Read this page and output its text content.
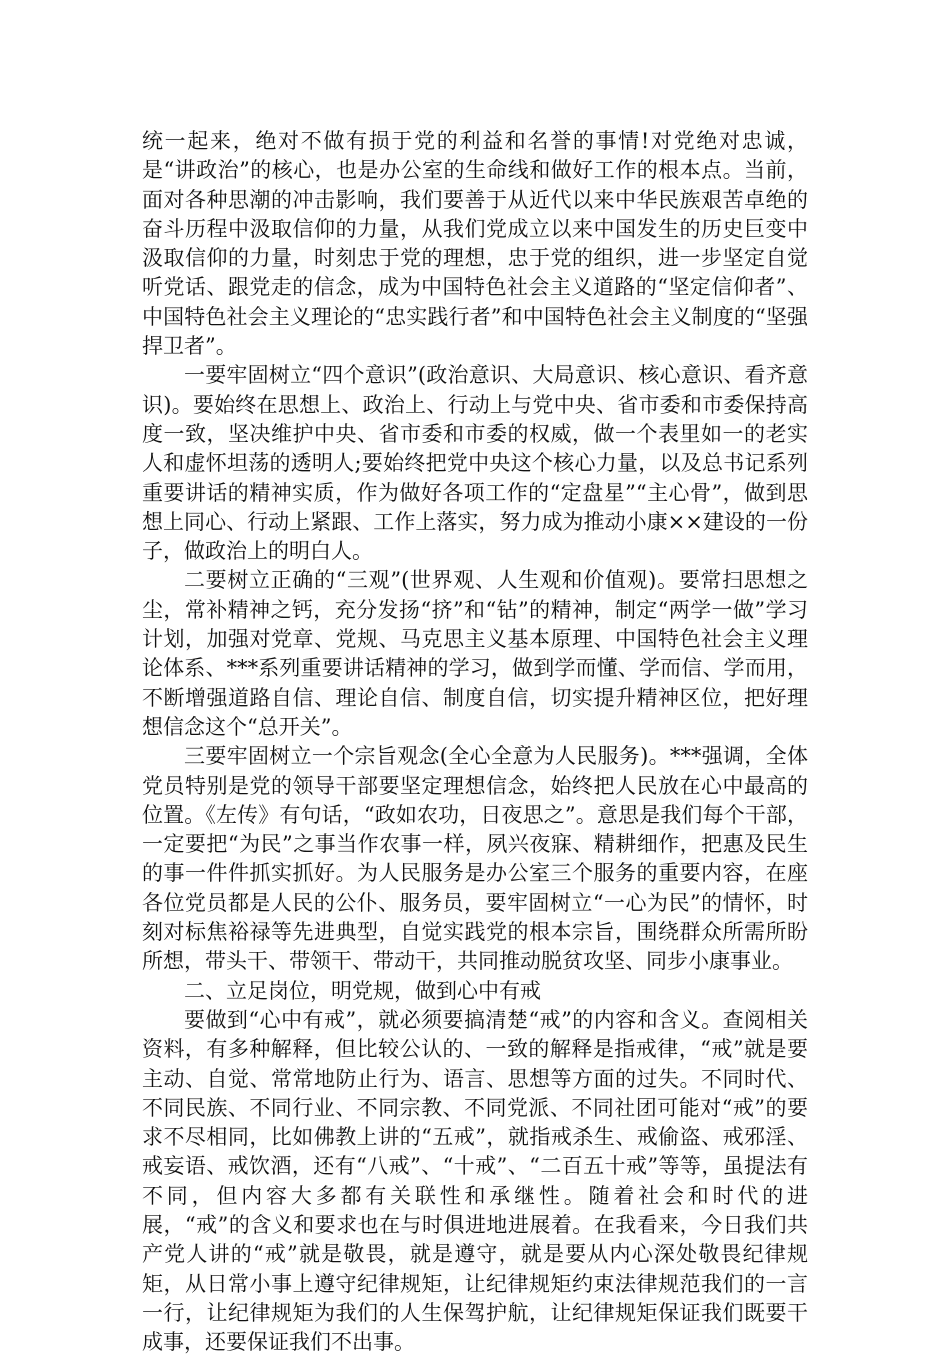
统一起来，绝对不做有损于党的利益和名誉的事情!对党绝对忠诚，是“讲政治”的核心，也是办公室的生命线和做好工作的根本点。当前，面对各种思潮的冲击影响，我们要善于从近代以来中华民族艰苦卓绝的奋斗历程中汲取信仰的力量，从我们党成立以来中国发生的历史巨变中汲取信仰的力量，时刻忠于党的理想，忠于党的组织，进一步坚定自觉听党话、跟党走的信念，成为中国特色社会主义道路的“坚定信仰者”、中国特色社会主义理论的“忠实践行者”和中国特色社会主义制度的“坚强捍卫者”。

一要牢固树立“四个意识”(政治意识、大局意识、核心意识、看齐意识)。要始终在思想上、政治上、行动上与党中央、省市委和市委保持高度一致，坚决维护中央、省市委和市委的权威，做一个表里如一的老实人和虚怀坦荡的透明人;要始终把党中央这个核心力量，以及总书记系列重要讲话的精神实质，作为做好各项工作的“定盘星”“主心骨”，做到思想上同心、行动上紧跟、工作上落实，努力成为推动小康××建设的一份子，做政治上的明白人。

二要树立正确的“三观”(世界观、人生观和价值观)。要常扫思想之尘，常补精神之钙，充分发扬“挤”和“钻”的精神，制定“两学一做”学习计划，加强对党章、党规、马克思主义基本原理、中国特色社会主义理论体系、***系列重要讲话精神的学习，做到学而懂、学而信、学而用，不断增强道路自信、理论自信、制度自信，切实提升精神区位，把好理想信念这个“总开关”。

三要牢固树立一个宗旨观念(全心全意为人民服务)。***强调，全体党员特别是党的领导干部要坚定理想信念，始终把人民放在心中最高的位置。《左传》有句话，“政如农功，日夜思之”。意思是我们每个干部，一定要把“为民”之事当作农事一样，夙兴夜寐、精耕细作，把惠及民生的事一件件抓实抓好。为人民服务是办公室三个服务的重要内容，在座各位党员都是人民的公仆、服务员，要牢固树立“一心为民”的情怀，时刻对标焦裕禄等先进典型，自觉实践党的根本宗旨，围绕群众所需所盼所想，带头干、带领干、带动干，共同推动脱贫攻坚、同步小康事业。

二、立足岗位，明党规，做到心中有戒

要做到“心中有戒”，就必须要搞清楚“戒”的内容和含义。查阅相关资料，有多种解释，但比较公认的、一致的解释是指戒律，“戒”就是要主动、自觉、常常地防止行为、语言、思想等方面的过失。不同时代、不同民族、不同行业、不同宗教、不同党派、不同社团可能对“戒”的要求不尽相同，比如佛教上讲的“五戒”，就指戒杀生、戒偷盗、戒邪淫、戒妄语、戒饮酒，还有“八戒”、“十戒”、“二百五十戒”等等，虽提法有不同，但内容大多都有关联性和承继性。随着社会和时代的进展，“戒”的含义和要求也在与时俱进地进展着。在我看来，今日我们共产党人讲的“戒”就是敬畏，就是遵守，就是要从内心深处敬畏纪律规矩，从日常小事上遵守纪律规矩，让纪律规矩约束法律规范我们的一言一行，让纪律规矩为我们的人生保驾护航，让纪律规矩保证我们既要干成事，还要保证我们不出事。
